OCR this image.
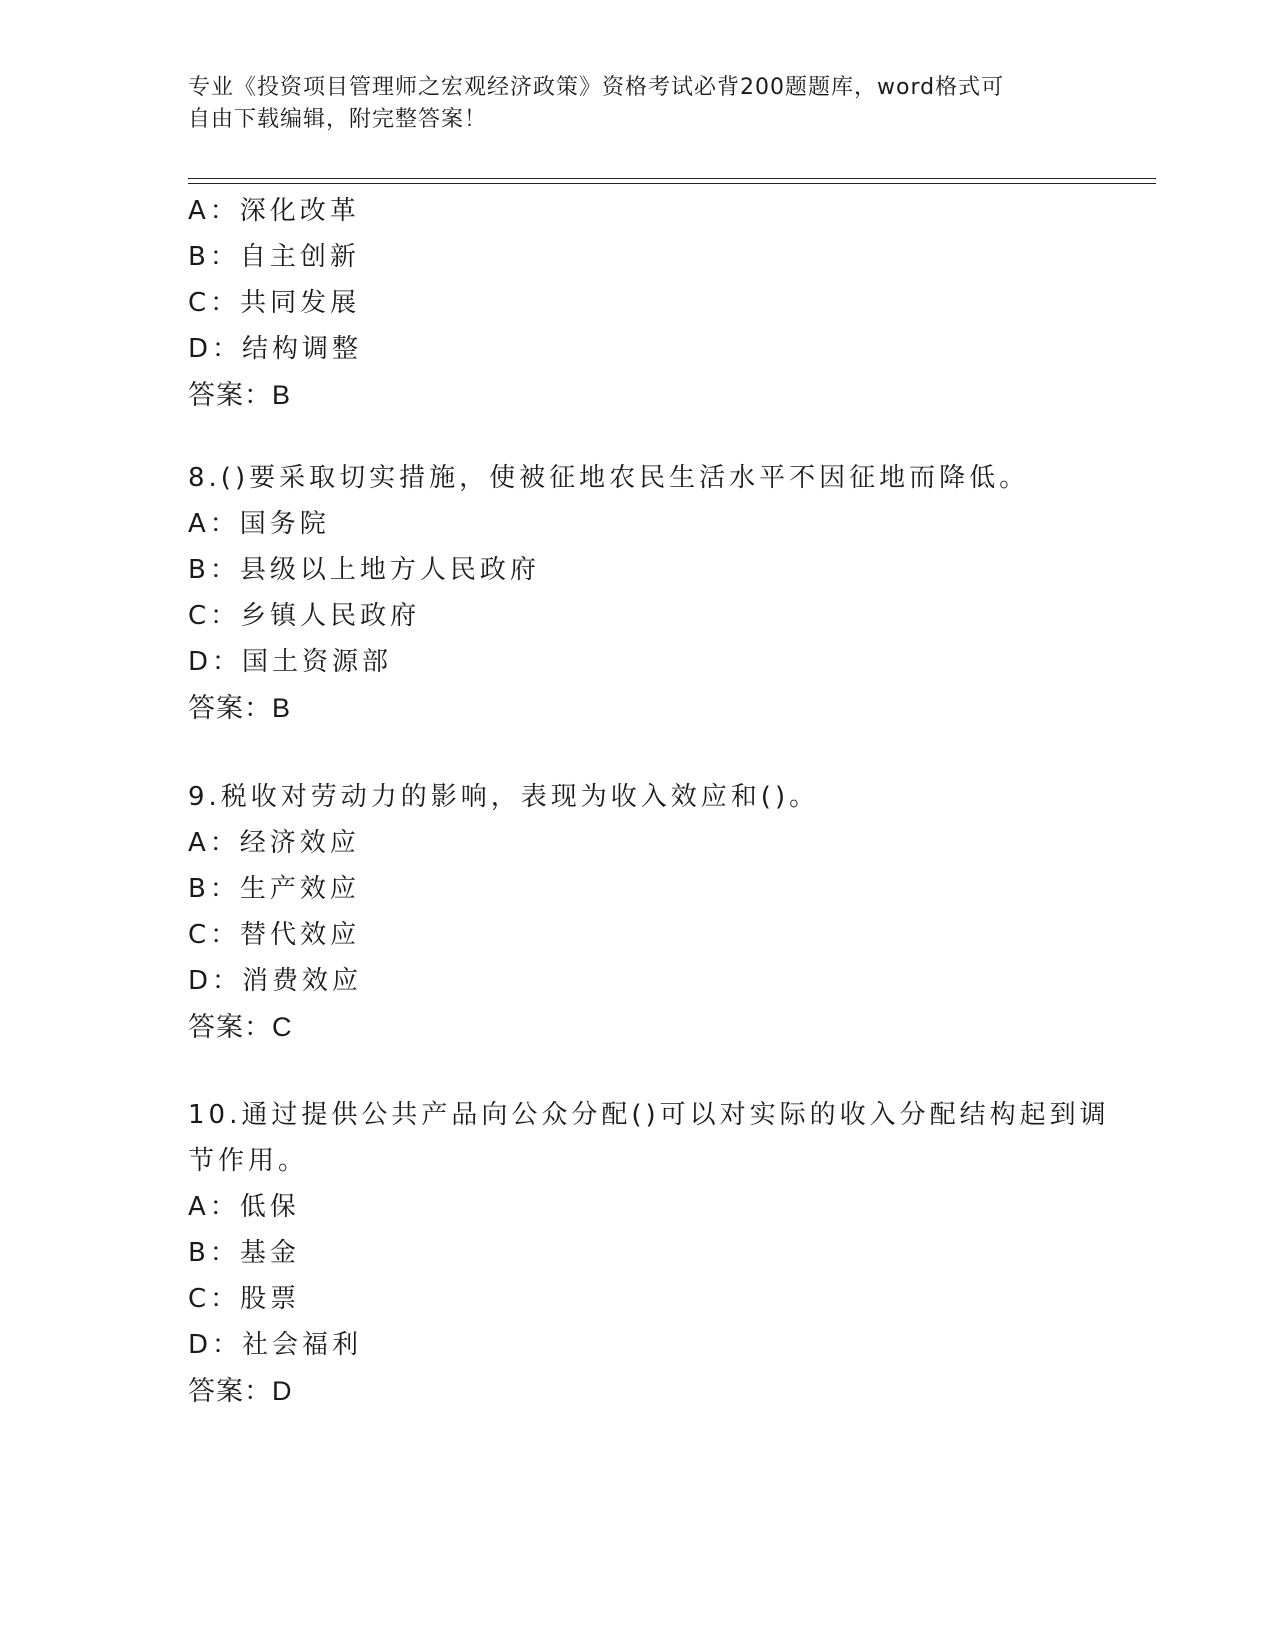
专业《投资项目管理师之宏观经济政策》资格考试必背200题题库，word格式可
自由下载编辑，附完整答案！
A：深化改革
B：自主创新
C：共同发展
D：结构调整
答案：B
8.()要采取切实措施，使被征地农民生活水平不因征地而降低。
A：国务院
B：县级以上地方人民政府
C：乡镇人民政府
D：国土资源部
答案：B
9.税收对劳动力的影响，表现为收入效应和()。
A：经济效应
B：生产效应
C：替代效应
D：消费效应
答案：C
10.通过提供公共产品向公众分配()可以对实际的收入分配结构起到调
节作用。
A：低保
B：基金
C：股票
D：社会福利
答案：D
